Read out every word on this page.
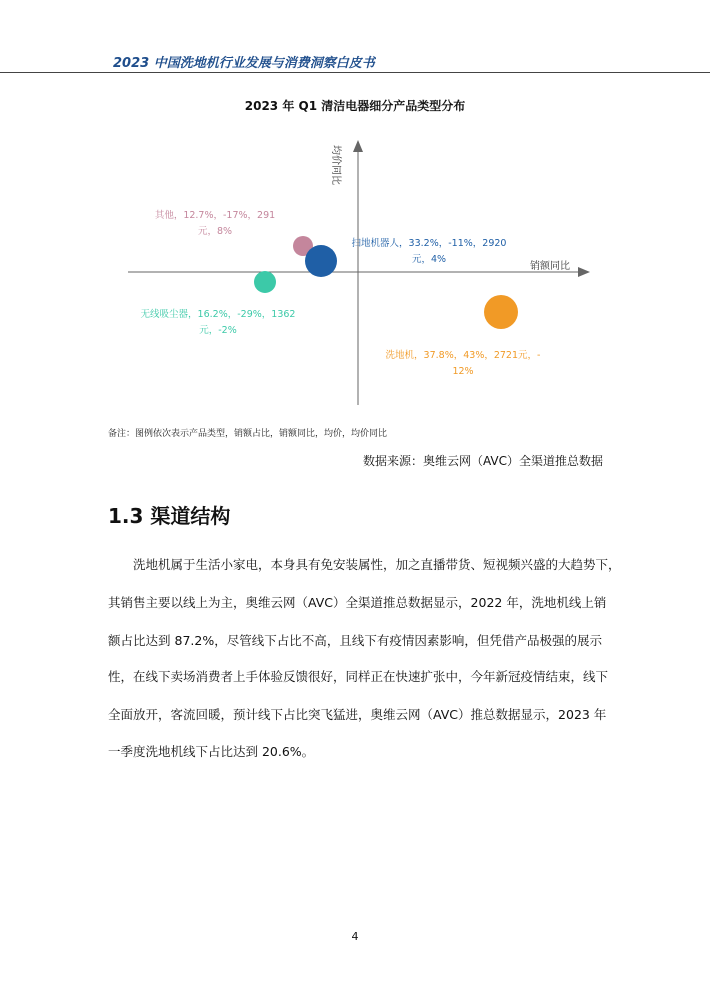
2023 中国洗地机行业发展与消费洞察白皮书
2023 年 Q1 清洁电器细分产品类型分布
销额同比
均价同比
其他，12.7%，-17%，291
元，8%
扫地机器人，33.2%，-11%，2920
元，4%
无线吸尘器，16.2%，-29%，1362
元，-2%
洗地机，37.8%，43%，2721元，-
12%
备注：图例依次表示产品类型，销额占比，销额同比，均价，均价同比
数据来源：奥维云网（AVC）全渠道推总数据
1.3 渠道结构
洗地机属于生活小家电，本身具有免安装属性，加之直播带货、短视频兴盛的大趋势下，
其销售主要以线上为主，奥维云网（AVC）全渠道推总数据显示，2022 年，洗地机线上销
额占比达到 87.2%，尽管线下占比不高，且线下有疫情因素影响，但凭借产品极强的展示
性，在线下卖场消费者上手体验反馈很好，同样正在快速扩张中，今年新冠疫情结束，线下
全面放开，客流回暖，预计线下占比突飞猛进，奥维云网（AVC）推总数据显示，2023 年
一季度洗地机线下占比达到 20.6%。
4
